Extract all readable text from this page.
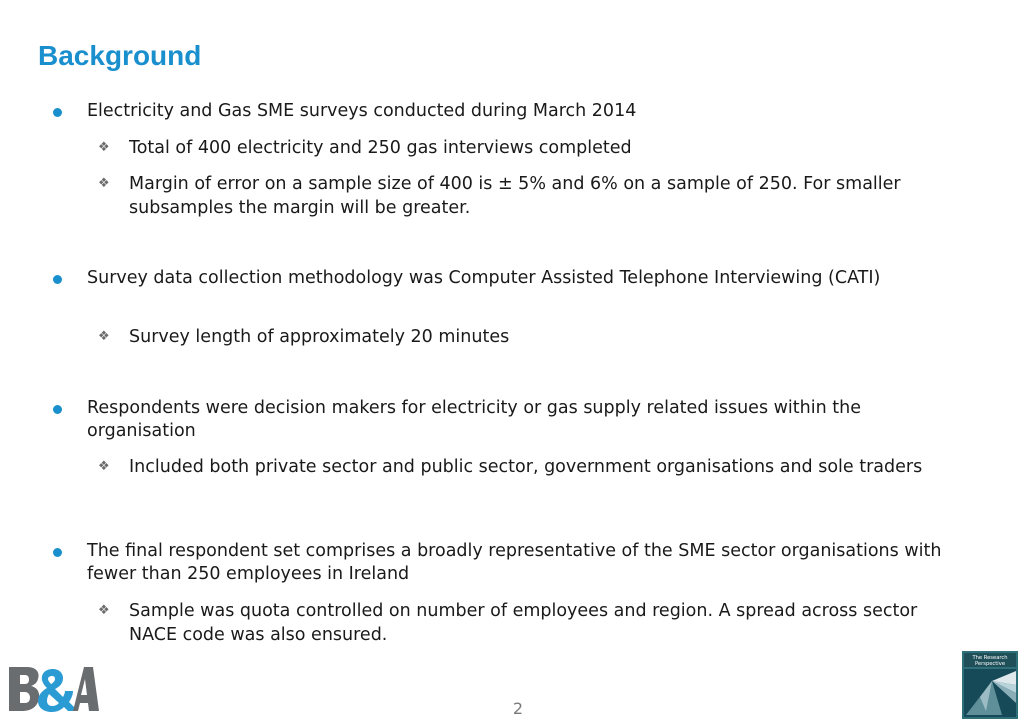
Background
Electricity and Gas SME surveys conducted during March 2014
❖ Total of 400 electricity and 250 gas interviews completed
❖ Margin of error on a sample size of 400 is ± 5% and 6% on a sample of 250. For smaller subsamples the margin will be greater.
Survey data collection methodology was Computer Assisted Telephone Interviewing (CATI)
❖ Survey length of approximately 20 minutes
Respondents were decision makers for electricity or gas supply related issues within the organisation
❖ Included both private sector and public sector, government organisations and sole traders
The final respondent set comprises a broadly representative of the SME sector organisations with fewer than 250 employees in Ireland
❖ Sample was quota controlled on number of employees and region. A spread across sector NACE code was also ensured.
The Research
Perspective
2
